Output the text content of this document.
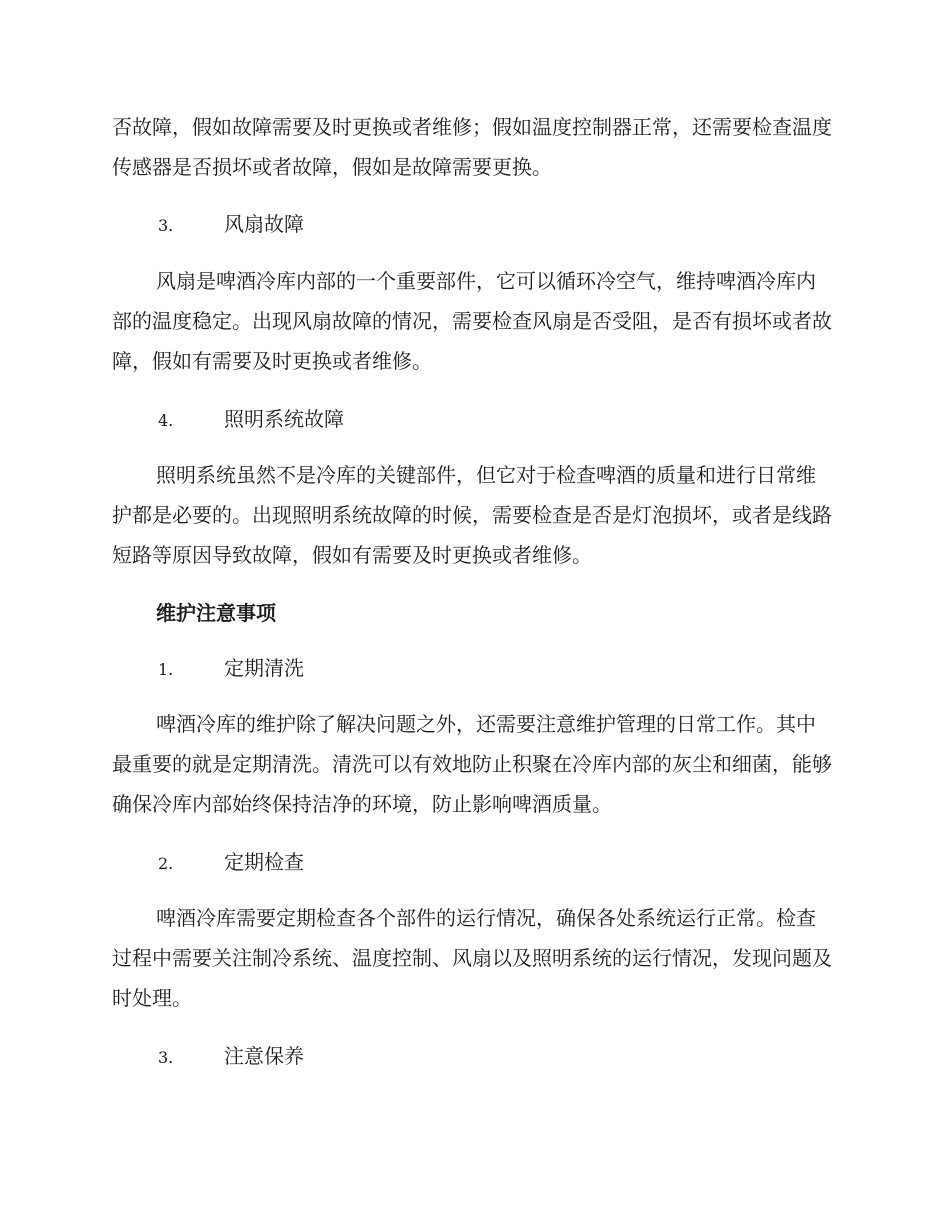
否故障，假如故障需要及时更换或者维修；假如温度控制器正常，还需要检查温度传感器是否损坏或者故障，假如是故障需要更换。

3.	风扇故障

风扇是啤酒冷库内部的一个重要部件，它可以循环冷空气，维持啤酒冷库内部的温度稳定。出现风扇故障的情况，需要检查风扇是否受阻，是否有损坏或者故障，假如有需要及时更换或者维修。

4.	照明系统故障

照明系统虽然不是冷库的关键部件，但它对于检查啤酒的质量和进行日常维护都是必要的。出现照明系统故障的时候，需要检查是否是灯泡损坏，或者是线路短路等原因导致故障，假如有需要及时更换或者维修。

维护注意事项

1.	定期清洗

啤酒冷库的维护除了解决问题之外，还需要注意维护管理的日常工作。其中最重要的就是定期清洗。清洗可以有效地防止积聚在冷库内部的灰尘和细菌，能够确保冷库内部始终保持洁净的环境，防止影响啤酒质量。

2.	定期检查

啤酒冷库需要定期检查各个部件的运行情况，确保各处系统运行正常。检查过程中需要关注制冷系统、温度控制、风扇以及照明系统的运行情况，发现问题及时处理。

3.	注意保养
